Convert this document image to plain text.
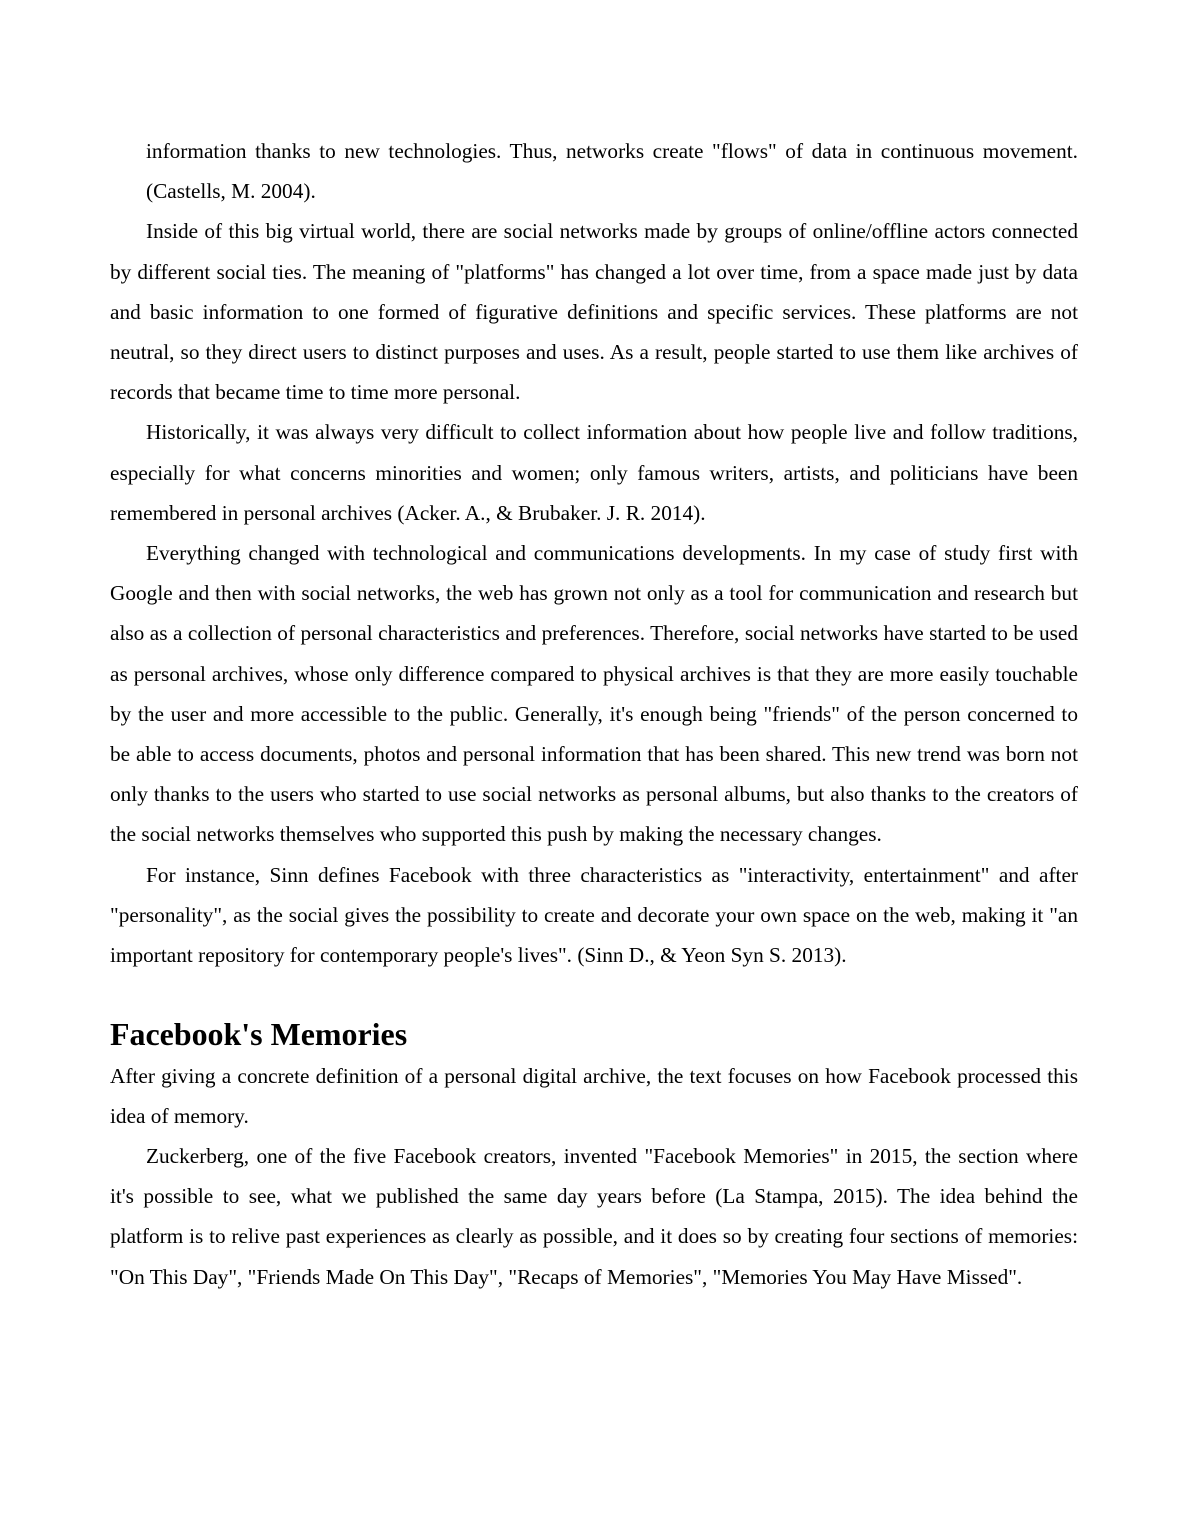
information thanks to new technologies. Thus, networks create "flows" of data in continuous movement. (Castells, M. 2004).

Inside of this big virtual world, there are social networks made by groups of online/offline actors connected by different social ties. The meaning of "platforms" has changed a lot over time, from a space made just by data and basic information to one formed of figurative definitions and specific services. These platforms are not neutral, so they direct users to distinct purposes and uses. As a result, people started to use them like archives of records that became time to time more personal.

Historically, it was always very difficult to collect information about how people live and follow traditions, especially for what concerns minorities and women; only famous writers, artists, and politicians have been remembered in personal archives (Acker. A., & Brubaker. J. R. 2014).

Everything changed with technological and communications developments. In my case of study first with Google and then with social networks, the web has grown not only as a tool for communication and research but also as a collection of personal characteristics and preferences. Therefore, social networks have started to be used as personal archives, whose only difference compared to physical archives is that they are more easily touchable by the user and more accessible to the public. Generally, it's enough being "friends" of the person concerned to be able to access documents, photos and personal information that has been shared. This new trend was born not only thanks to the users who started to use social networks as personal albums, but also thanks to the creators of the social networks themselves who supported this push by making the necessary changes.

For instance, Sinn defines Facebook with three characteristics as "interactivity, entertainment" and after "personality", as the social gives the possibility to create and decorate your own space on the web, making it "an important repository for contemporary people's lives". (Sinn D., & Yeon Syn S. 2013).

Facebook's Memories

After giving a concrete definition of a personal digital archive, the text focuses on how Facebook processed this idea of memory.

Zuckerberg, one of the five Facebook creators, invented "Facebook Memories" in 2015, the section where it's possible to see, what we published the same day years before (La Stampa, 2015). The idea behind the platform is to relive past experiences as clearly as possible, and it does so by creating four sections of memories: "On This Day", "Friends Made On This Day", "Recaps of Memories", "Memories You May Have Missed".
